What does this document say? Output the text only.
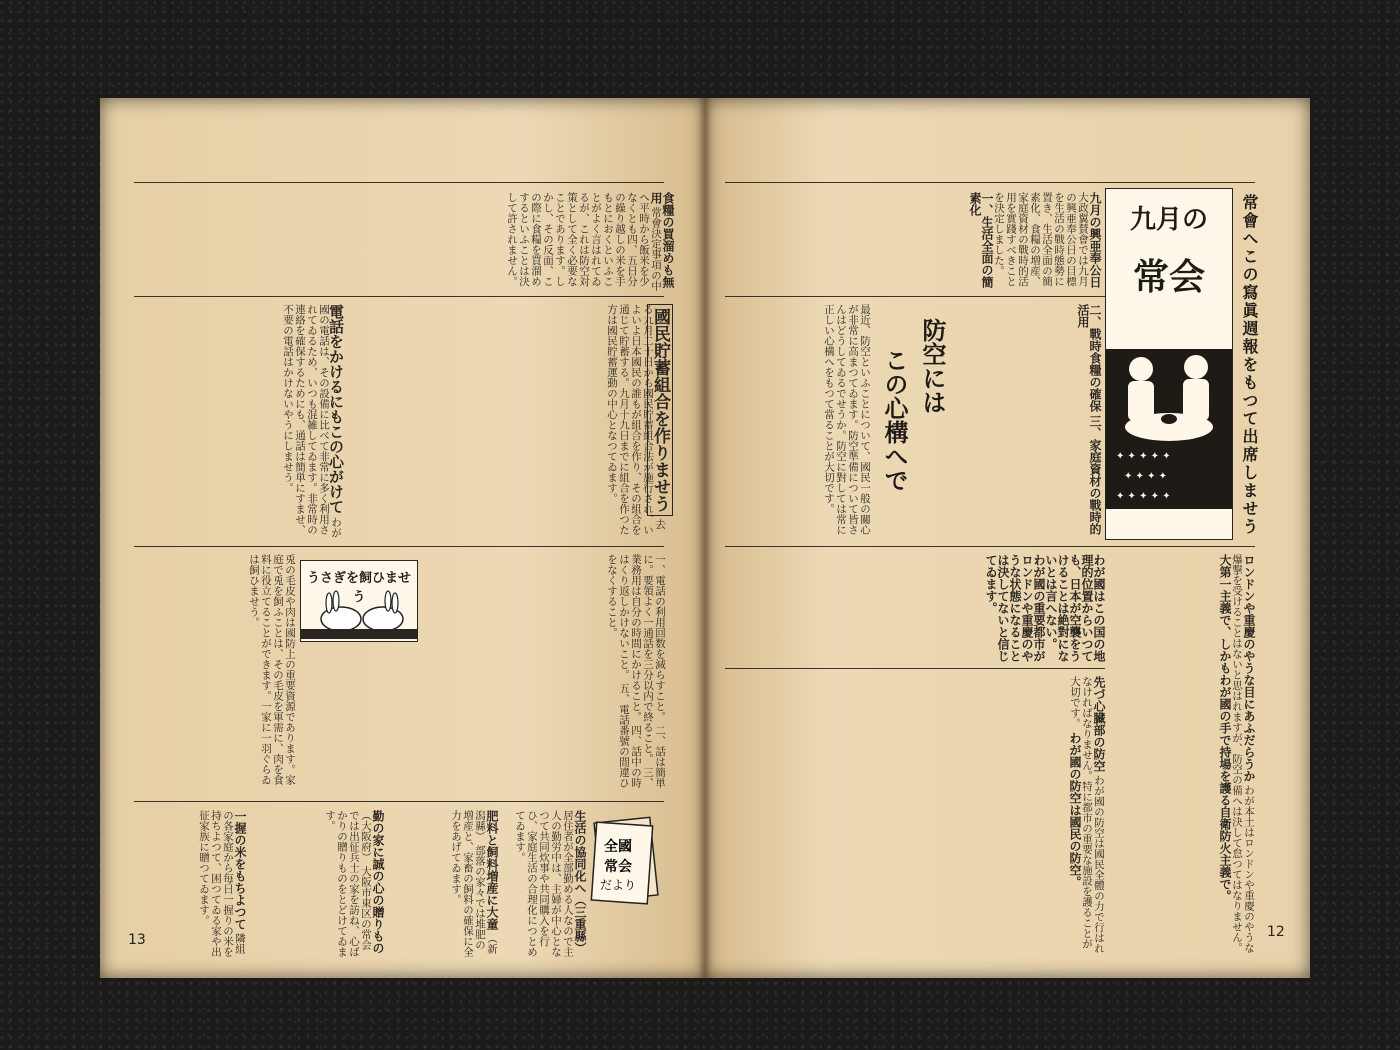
食糧の買溜めも無用 常會決定事項の中へ平時から飯米を少なくとも四、五日分の繰り越しの米を手もとにおくといふことがよく言はれてゐるが、これは防空対策として全く必要なことであります。しかし、その反面、この際に食糧を買溜めするといふことは決して許されません。
國民貯蓄組合を作りませう 去る九月二十日から國民貯蓄組合法が施行され、いよいよ日本國民の誰もが組合を作り、その組合を通じて貯蓄する。九月十九日までに組合を作つた方は國民貯蓄運動の中心となつてゐます。
電話をかけるにもこの心がけて わが國の電話は、その設備に比べて非常に多く利用されてゐるため、いつも混雑してゐます。非常時の連絡を確保するためにも、通話は簡単にすませ、不要の電話はかけないやうにしませう。
一、電話の利用回数を減らすこと。 二、話は簡単に。要領よく一通話を三分以内で終ること。 三、業務用は自分の時間にかけること。 四、話中の時はくり返しかけないこと。 五、電話番號の間違ひをなくすること。
うさぎを飼ひませう
兎の毛皮や肉は國防上の重要資源であります。家庭で兎を飼ふことは、その毛皮を軍需に、肉を食料に役立てることができます。一家に一羽ぐらゐは飼ひませう。
生活の協同化へ（三重縣） 居住者が全部勤める人なので主人の勤労中は、主婦が中心となつて共同炊事や共同購入を行ひ、家庭生活の合理化につとめてゐます。	全國
常会
だより
肥料と飼料増産に大童 （新潟縣） 部落の家々では堆肥の増産と、家畜の飼料の確保に全力をあげてゐます。
勤の家に誠の心の贈りもの （大阪府） 大阪市東区の常会では出征兵士の家を訪ね、心ばかりの贈りものをとどけてゐます。
一握の米をもちよつて 隣組の各家庭から毎日一握りの米を持ちよつて、困つてゐる家や出征家族に贈つてゐます。
13
常會へこの寫眞週報をもつて出席しませう
九月の
常会
✦ ✦ ✦ ✦ ✦
✦ ✦ ✦ ✦
✦ ✦ ✦ ✦ ✦
九月の興亜奉公日 大政翼賛會では九月の興亜奉公日の目標を生活の戰時態勢に置き、生活全面の簡素化、食糧の増産、家庭資材の戰時的活用を實踐すべきことを決定しました。 一、生活全面の簡素化
二、戰時食糧の確保 三、家庭資材の戰時的活用
防空には
この心構へで
最近、防空といふことについて、國民一般の關心が非常に高まつてゐます。防空準備について皆さんはどうしてゐるでせうか。防空に對しては常に正しい心構へをもつて當ることが大切です。
わが國はこの国の地理的位置からいつても、日本が空襲をうけることは絶對にないとは言へない。 わが國の重要都市がロンドンや重慶のやうな状態になることは決してないと信じてゐます。	ロンドンや重慶のやうな目にあふだらうか わが本土はロンドンや重慶のやうな爆撃を受けることはないと思はれますが、防空の備へは決して怠つてはなりません。 大第一主義で、しかもわが國の手で持場を護る自衛防火主義で。
先づ心臓部の防空 わが國の防空は國民全體の力で行はれなければなりません。特に都市の重要な施設を護ることが大切です。 わが國の防空は國民の防空。
12
